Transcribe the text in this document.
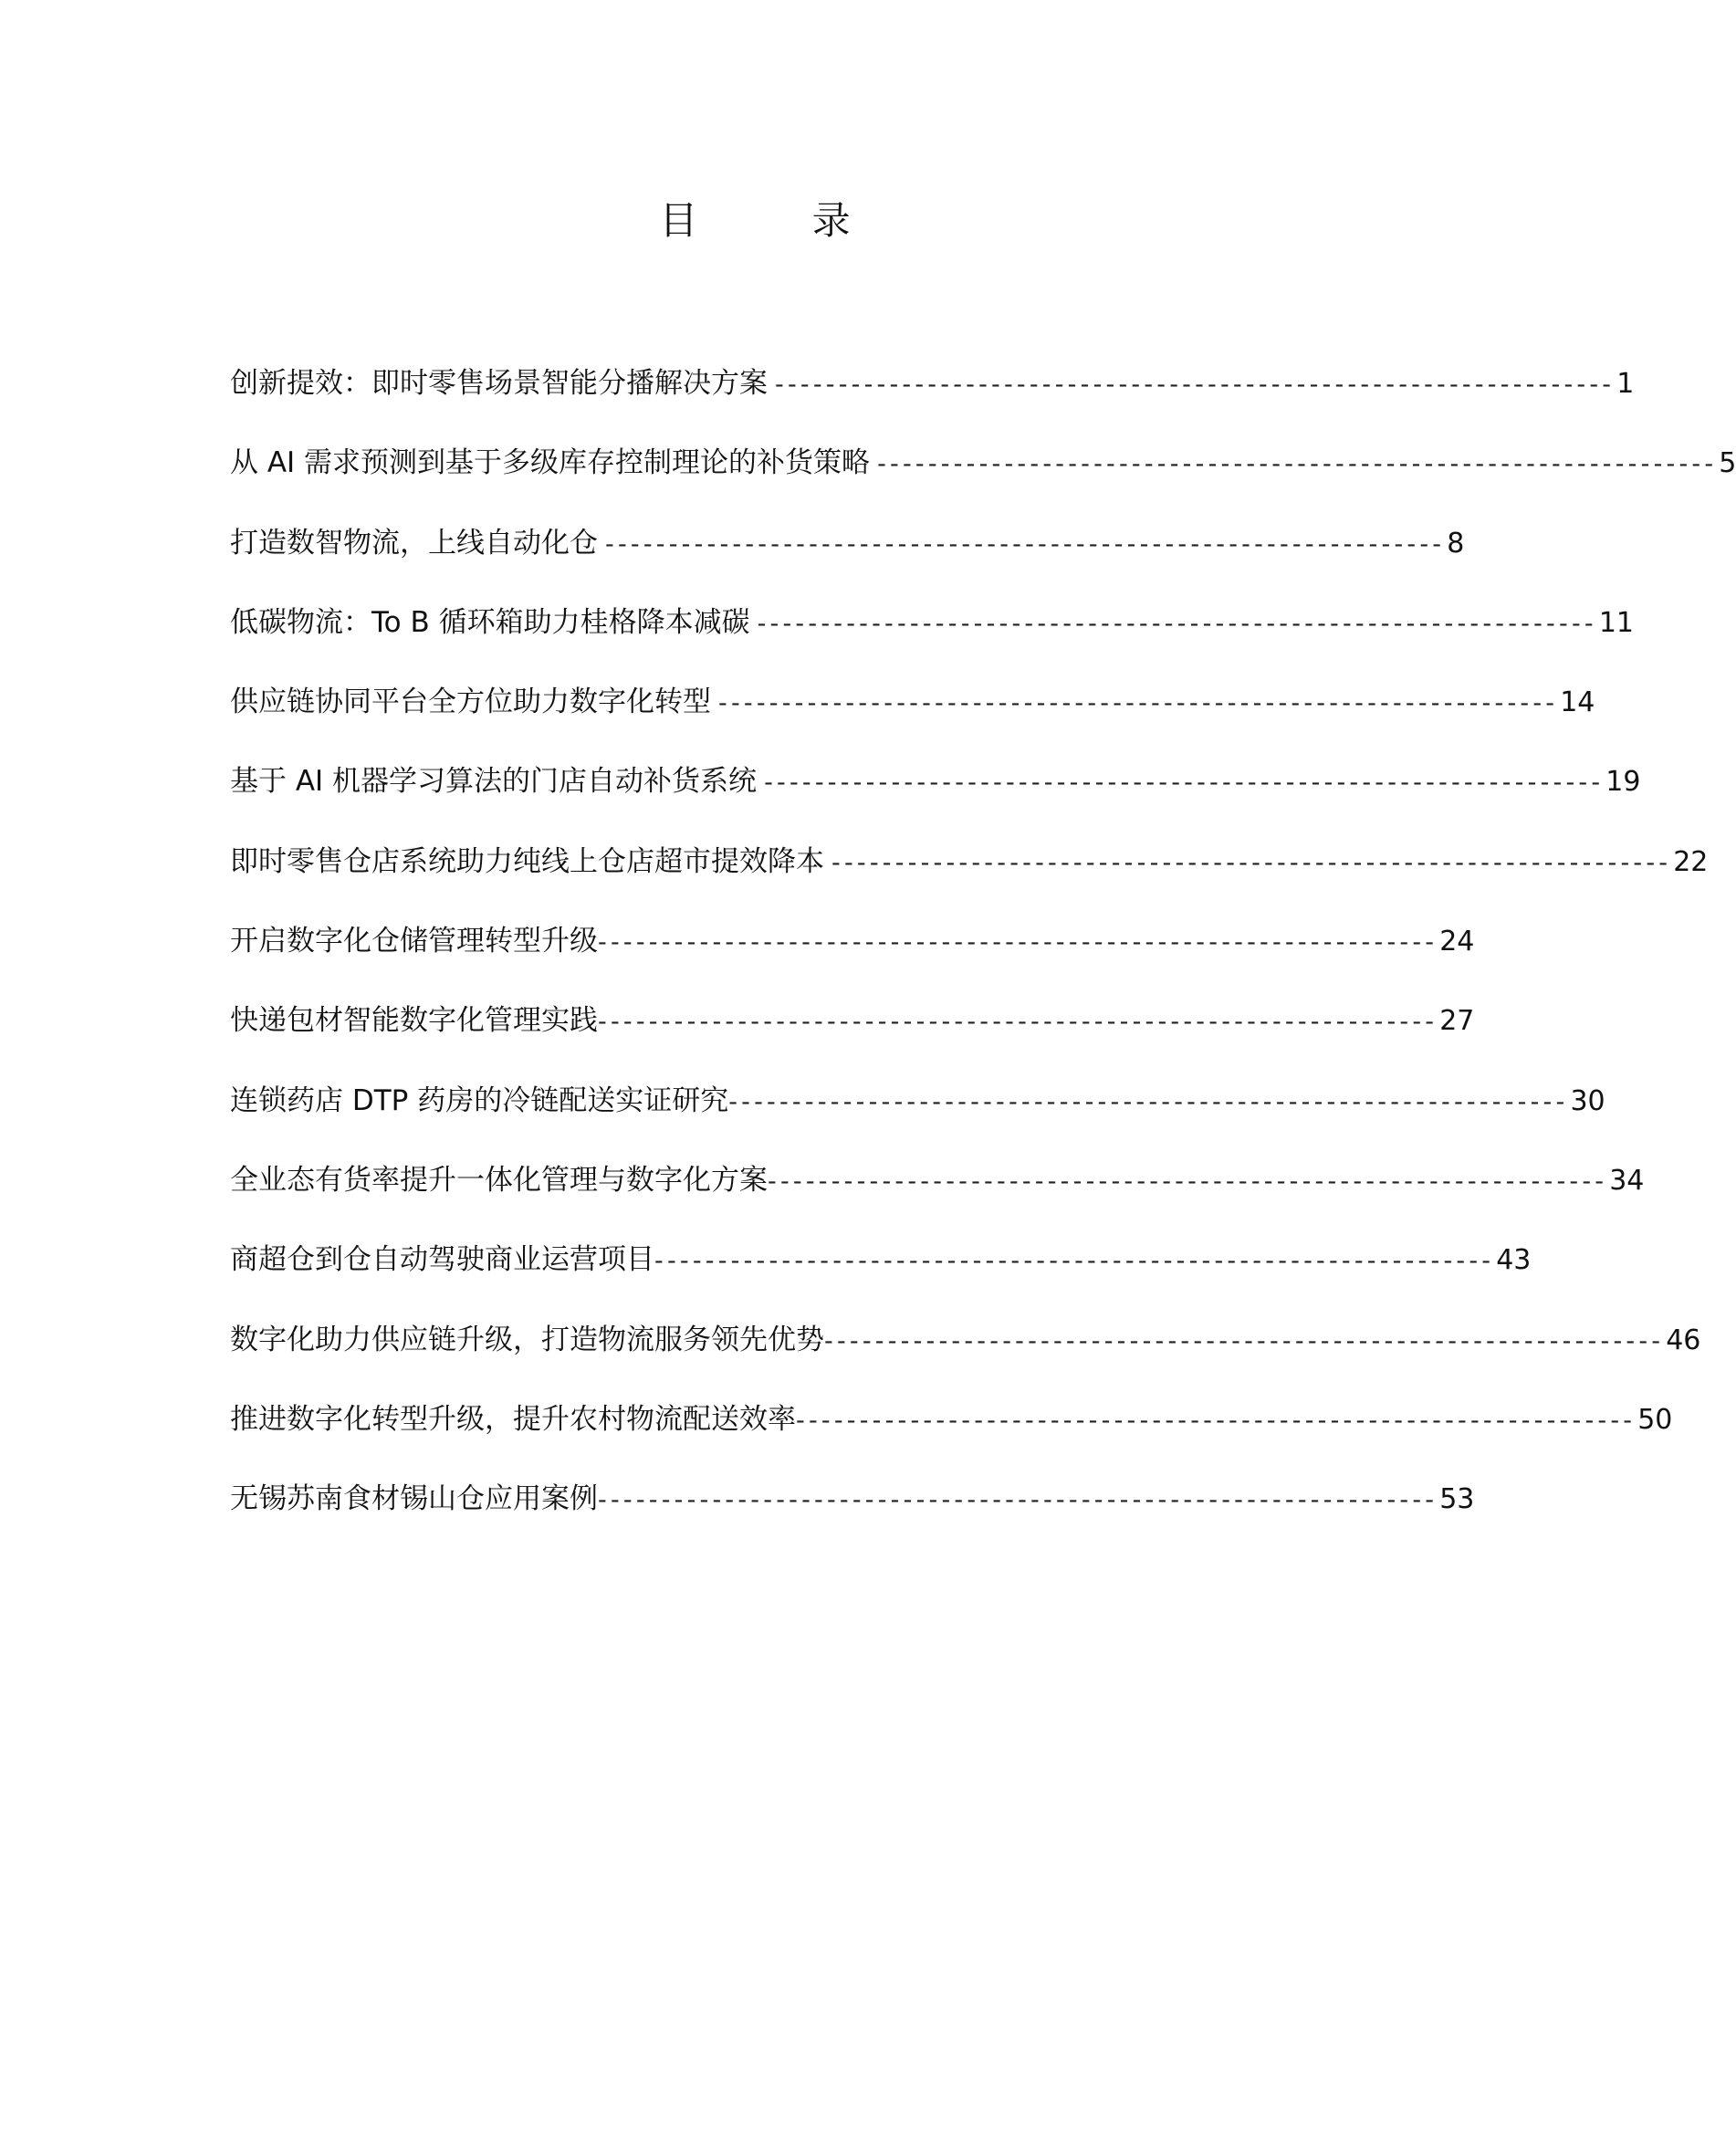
目 录
创新提效：即时零售场景智能分播解决方案 ------------------------------------------------------------------ 1
从 AI 需求预测到基于多级库存控制理论的补货策略 ------------------------------------------------------------------ 5
打造数智物流，上线自动化仓 ------------------------------------------------------------------ 8
低碳物流：To B 循环箱助力桂格降本减碳 ------------------------------------------------------------------ 11
供应链协同平台全方位助力数字化转型 ------------------------------------------------------------------ 14
基于 AI 机器学习算法的门店自动补货系统 ------------------------------------------------------------------ 19
即时零售仓店系统助力纯线上仓店超市提效降本 ------------------------------------------------------------------ 22
开启数字化仓储管理转型升级 ------------------------------------------------------------------ 24
快递包材智能数字化管理实践 ------------------------------------------------------------------ 27
连锁药店 DTP 药房的冷链配送实证研究 ------------------------------------------------------------------ 30
全业态有货率提升一体化管理与数字化方案 ------------------------------------------------------------------ 34
商超仓到仓自动驾驶商业运营项目 ------------------------------------------------------------------ 43
数字化助力供应链升级，打造物流服务领先优势 ------------------------------------------------------------------ 46
推进数字化转型升级，提升农村物流配送效率 ------------------------------------------------------------------ 50
无锡苏南食材锡山仓应用案例 ------------------------------------------------------------------ 53
